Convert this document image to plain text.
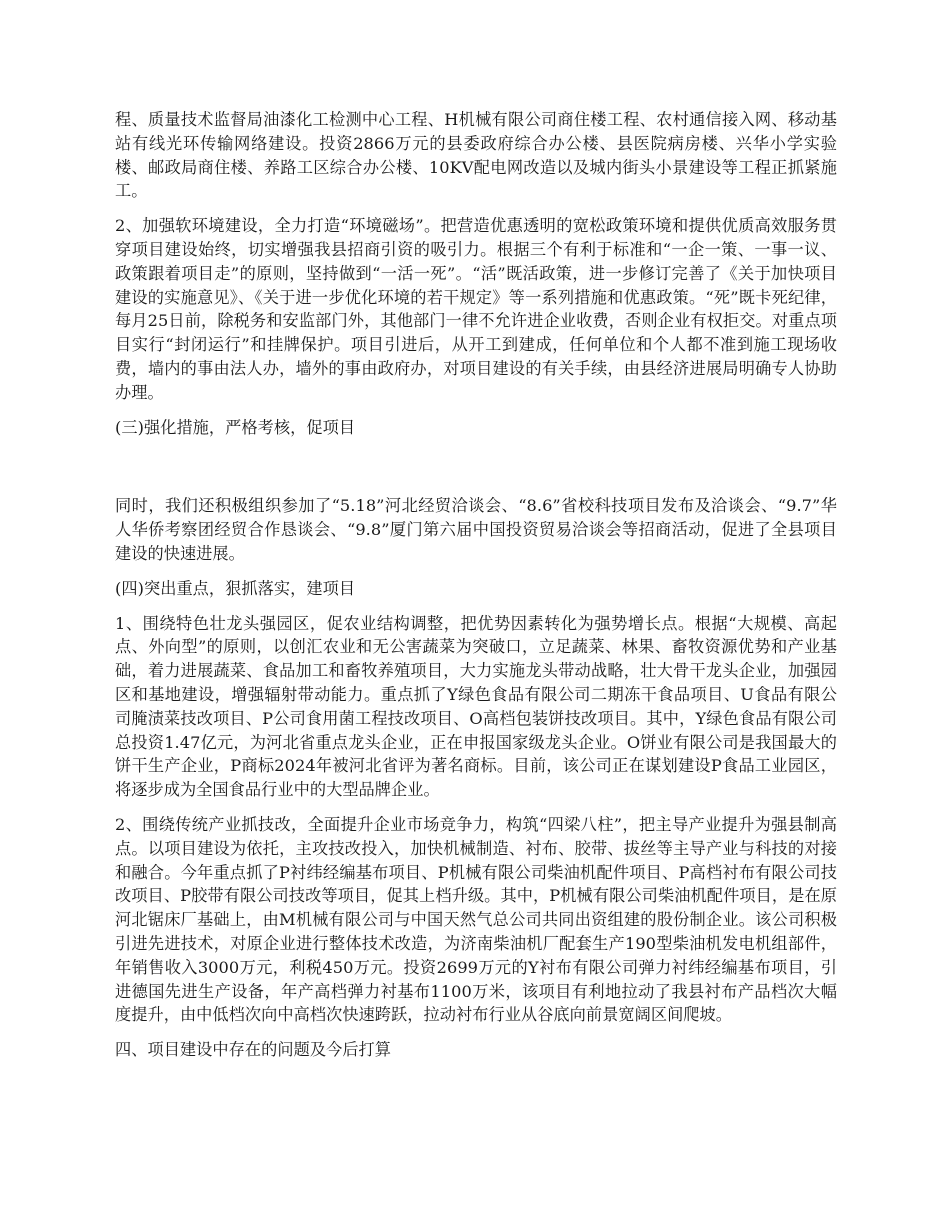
程、质量技术监督局油漆化工检测中心工程、H机械有限公司商住楼工程、农村通信接入网、移动基站有线光环传输网络建设。投资2866万元的县委政府综合办公楼、县医院病房楼、兴华小学实验楼、邮政局商住楼、养路工区综合办公楼、10KV配电网改造以及城内街头小景建设等工程正抓紧施工。

2、加强软环境建设，全力打造“环境磁场”。把营造优惠透明的宽松政策环境和提供优质高效服务贯穿项目建设始终，切实增强我县招商引资的吸引力。根据三个有利于标准和“一企一策、一事一议、政策跟着项目走”的原则，坚持做到“一活一死”。“活”既活政策，进一步修订完善了《关于加快项目建设的实施意见》、《关于进一步优化环境的若干规定》等一系列措施和优惠政策。“死”既卡死纪律，每月25日前，除税务和安监部门外，其他部门一律不允许进企业收费，否则企业有权拒交。对重点项目实行“封闭运行”和挂牌保护。项目引进后，从开工到建成，任何单位和个人都不准到施工现场收费，墙内的事由法人办，墙外的事由政府办，对项目建设的有关手续，由县经济进展局明确专人协助办理。

(三)强化措施，严格考核，促项目

同时，我们还积极组织参加了“5.18”河北经贸洽谈会、“8.6”省校科技项目发布及洽谈会、“9.7”华人华侨考察团经贸合作恳谈会、“9.8”厦门第六届中国投资贸易洽谈会等招商活动，促进了全县项目建设的快速进展。

(四)突出重点，狠抓落实，建项目

1、围绕特色壮龙头强园区，促农业结构调整，把优势因素转化为强势增长点。根据“大规模、高起点、外向型”的原则，以创汇农业和无公害蔬菜为突破口，立足蔬菜、林果、畜牧资源优势和产业基础，着力进展蔬菜、食品加工和畜牧养殖项目，大力实施龙头带动战略，壮大骨干龙头企业，加强园区和基地建设，增强辐射带动能力。重点抓了Y绿色食品有限公司二期冻干食品项目、U食品有限公司腌渍菜技改项目、P公司食用菌工程技改项目、O高档包装饼技改项目。其中，Y绿色食品有限公司总投资1.47亿元，为河北省重点龙头企业，正在申报国家级龙头企业。O饼业有限公司是我国最大的饼干生产企业，P商标2024年被河北省评为著名商标。目前，该公司正在谋划建设P食品工业园区，将逐步成为全国食品行业中的大型品牌企业。

2、围绕传统产业抓技改，全面提升企业市场竞争力，构筑“四梁八柱”，把主导产业提升为强县制高点。以项目建设为依托，主攻技改投入，加快机械制造、衬布、胶带、拔丝等主导产业与科技的对接和融合。今年重点抓了P衬纬经编基布项目、P机械有限公司柴油机配件项目、P高档衬布有限公司技改项目、P胶带有限公司技改等项目，促其上档升级。其中，P机械有限公司柴油机配件项目，是在原河北锯床厂基础上，由M机械有限公司与中国天然气总公司共同出资组建的股份制企业。该公司积极引进先进技术，对原企业进行整体技术改造，为济南柴油机厂配套生产190型柴油机发电机组部件，年销售收入3000万元，利税450万元。投资2699万元的Y衬布有限公司弹力衬纬经编基布项目，引进德国先进生产设备，年产高档弹力衬基布1100万米，该项目有利地拉动了我县衬布产品档次大幅度提升，由中低档次向中高档次快速跨跃，拉动衬布行业从谷底向前景宽阔区间爬坡。

四、项目建设中存在的问题及今后打算
